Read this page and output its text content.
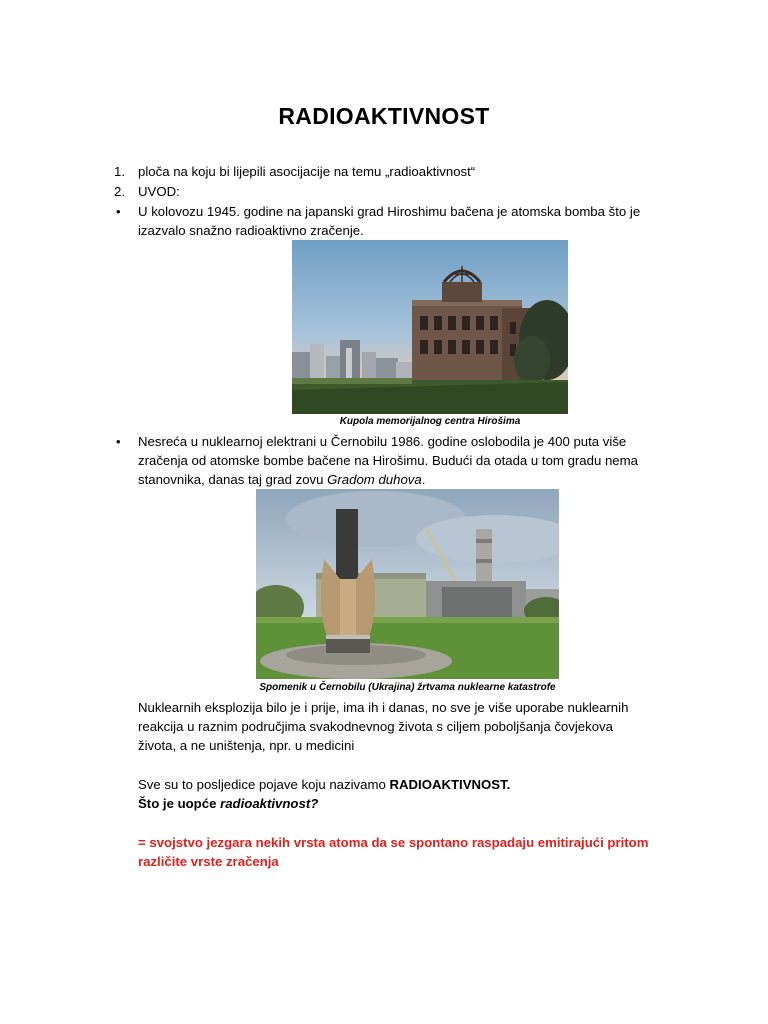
RADIOAKTIVNOST
1. ploča na koju bi lijepili asocijacije na temu „radioaktivnost“
2. UVOD:
• U kolovozu 1945. godine na japanski grad Hiroshimu bačena je atomska bomba što je
izazvalo snažno radioaktivno zračenje.
Kupola memorijalnog centra Hirošima
• Nesreća u nuklearnoj elektrani u Černobilu 1986. godine oslobodila je 400 puta više
zračenja od atomske bombe bačene na Hirošimu. Budući da otada u tom gradu nema
stanovnika, danas taj grad zovu Gradom duhova.
Spomenik u Černobilu (Ukrajina) žrtvama nuklearne katastrofe
Nuklearnih eksplozija bilo je i prije, ima ih i danas, no sve je više uporabe nuklearnih
reakcija u raznim područjima svakodnevnog života s ciljem poboljšanja čovjekova
života, a ne uništenja, npr. u medicini
Sve su to posljedice pojave koju nazivamo RADIOAKTIVNOST.
Što je uopće radioaktivnost?
= svojstvo jezgara nekih vrsta atoma da se spontano raspadaju emitirajući pritom
različite vrste zračenja
